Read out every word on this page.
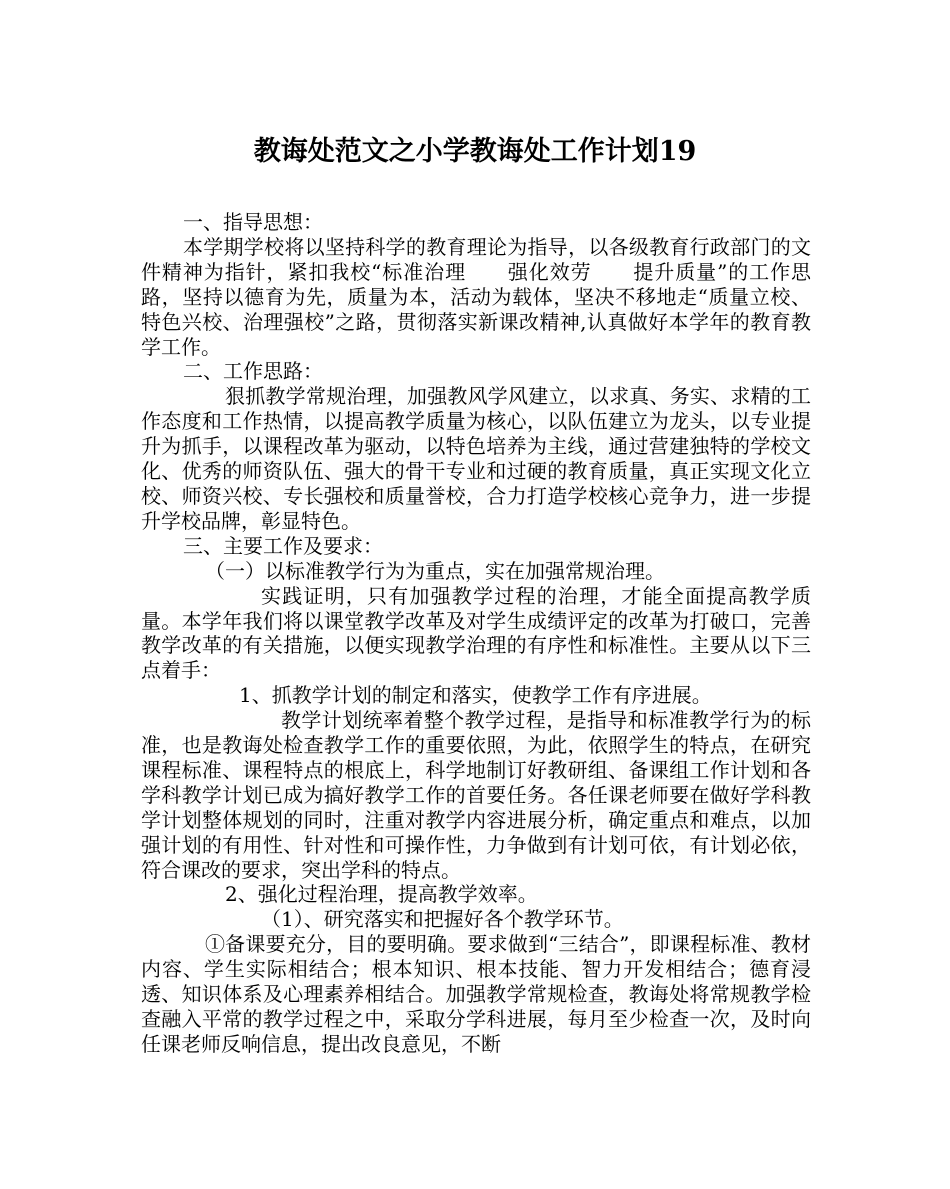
教诲处范文之小学教诲处工作计划19

一、指导思想：

本学期学校将以坚持科学的教育理论为指导，以各级教育行政部门的文件精神为指针，紧扣我校“标准治理　　强化效劳　　提升质量”的工作思路，坚持以德育为先，质量为本，活动为载体，坚决不移地走“质量立校、特色兴校、治理强校”之路，贯彻落实新课改精神,认真做好本学年的教育教学工作。

二、工作思路：

狠抓教学常规治理，加强教风学风建立，以求真、务实、求精的工作态度和工作热情，以提高教学质量为核心，以队伍建立为龙头，以专业提升为抓手，以课程改革为驱动，以特色培养为主线，通过营建独特的学校文化、优秀的师资队伍、强大的骨干专业和过硬的教育质量，真正实现文化立校、师资兴校、专长强校和质量誉校，合力打造学校核心竞争力，进一步提升学校品牌，彰显特色。

三、主要工作及要求：

（一）以标准教学行为为重点，实在加强常规治理。

实践证明，只有加强教学过程的治理，才能全面提高教学质量。本学年我们将以课堂教学改革及对学生成绩评定的改革为打破口，完善教学改革的有关措施，以便实现教学治理的有序性和标准性。主要从以下三点着手：

1、抓教学计划的制定和落实，使教学工作有序进展。

教学计划统率着整个教学过程，是指导和标准教学行为的标准，也是教诲处检查教学工作的重要依照，为此，依照学生的特点，在研究课程标准、课程特点的根底上，科学地制订好教研组、备课组工作计划和各学科教学计划已成为搞好教学工作的首要任务。各任课老师要在做好学科教学计划整体规划的同时，注重对教学内容进展分析，确定重点和难点，以加强计划的有用性、针对性和可操作性，力争做到有计划可依，有计划必依，符合课改的要求，突出学科的特点。

2、强化过程治理，提高教学效率。

（1）、研究落实和把握好各个教学环节。

①备课要充分，目的要明确。要求做到“三结合”，即课程标准、教材内容、学生实际相结合；根本知识、根本技能、智力开发相结合；德育浸透、知识体系及心理素养相结合。加强教学常规检查，教诲处将常规教学检查融入平常的教学过程之中，采取分学科进展，每月至少检查一次，及时向任课老师反响信息，提出改良意见，不断
